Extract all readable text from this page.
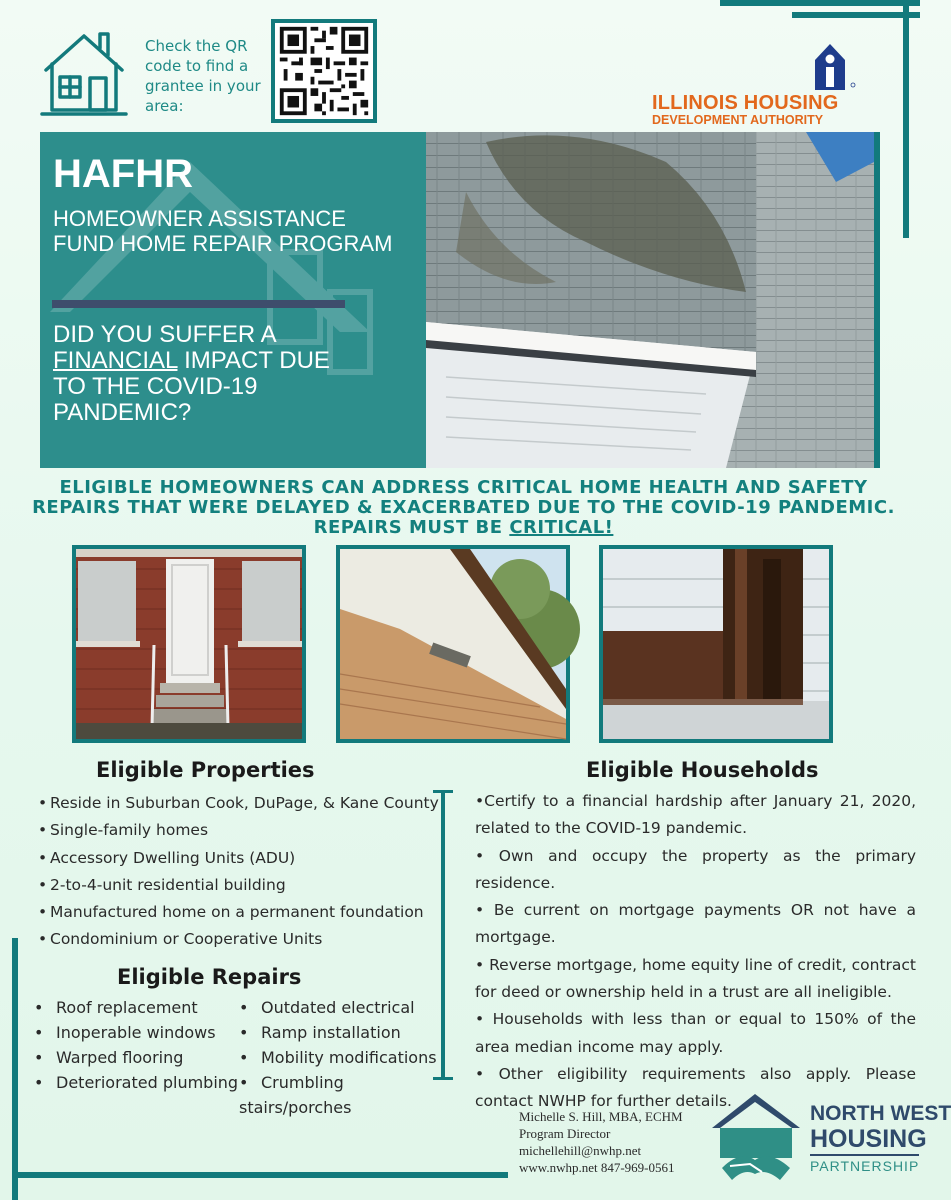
Check the QR code to find a grantee in your area:	ILLINOIS HOUSING
DEVELOPMENT AUTHORITY
HAFHR
HOMEOWNER ASSISTANCE FUND HOME REPAIR PROGRAM
DID YOU SUFFER A FINANCIAL IMPACT DUE TO THE COVID-19 PANDEMIC?
ELIGIBLE HOMEOWNERS CAN ADDRESS CRITICAL HOME HEALTH AND SAFETY
REPAIRS THAT WERE DELAYED & EXACERBATED DUE TO THE COVID-19 PANDEMIC.
REPAIRS MUST BE CRITICAL!
Eligible Properties
• Reside in Suburban Cook, DuPage, & Kane County
• Single-family homes
• Accessory Dwelling Units (ADU)
• 2-to-4-unit residential building
• Manufactured home on a permanent foundation
• Condominium or Cooperative Units
Eligible Repairs
• Roof replacement
• Inoperable windows
• Warped flooring
• Deteriorated plumbing
• Outdated electrical
• Ramp installation
• Mobility modifications
• Crumbling stairs/porches
Eligible Households

•Certify to a financial hardship after January 21, 2020, related to the COVID-19 pandemic.

• Own and occupy the property as the primary residence.

• Be current on mortgage payments OR not have a mortgage.

• Reverse mortgage, home equity line of credit, contract for deed or ownership held in a trust are all ineligible.

• Households with less than or equal to 150% of the area median income may apply.

• Other eligibility requirements also apply. Please contact NWHP for further details.

Michelle S. Hill, MBA, ECHM
Program Director
michellehill@nwhp.net
www.nwhp.net 847-969-0561
NORTH WEST
HOUSING
PARTNERSHIP
